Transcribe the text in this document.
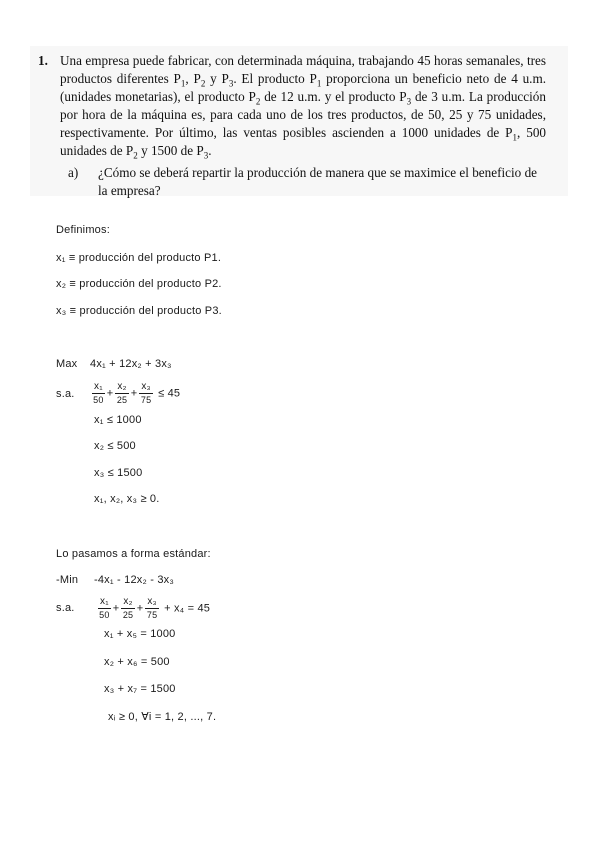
1. Una empresa puede fabricar, con determinada máquina, trabajando 45 horas semanales, tres productos diferentes $P_1$, $P_2$ y $P_3$. El producto $P_1$ proporciona un beneficio neto de 4 u.m.(unidades monetarias), el producto $P_2$ de 12 u.m. y el producto $P_3$ de 3 u.m. La producción por hora de la máquina es, para cada uno de los tres productos, de 50, 25 y 75 unidades, respectivamente. Por último, las ventas posibles ascienden a 1000 unidades de $P_1$, 500 unidades de $P_2$ y 1500 de $P_3$.
a) ¿Cómo se deberá repartir la producción de manera que se maximice el beneficio de la empresa?
Definimos:
x₁ ≡ producción del producto P1.
x₂ ≡ producción del producto P2.
x₃ ≡ producción del producto P3.
Max 4x₁ + 12x₂ + 3x₃
s.a. $\frac{\text{x₁}}{50} + \frac{\text{x₂}}{25} + \frac{\text{x₃}}{75} \le 45$
x₁ ≤ 1000
x₂ ≤ 500
x₃ ≤ 1500
x₁, x₂, x₃ ≥ 0.
Lo pasamos a forma estándar:
-Min -4x₁ - 12x₂ - 3x₃
s.a. $\frac{\text{x₁}}{50} + \frac{\text{x₂}}{25} + \frac{\text{x₃}}{75} + x_4 = 45$
x₁ + x₅ = 1000
x₂ + x₆ = 500
x₃ + x₇ = 1500
xᵢ ≥ 0, ∀i = 1, 2, ..., 7.
